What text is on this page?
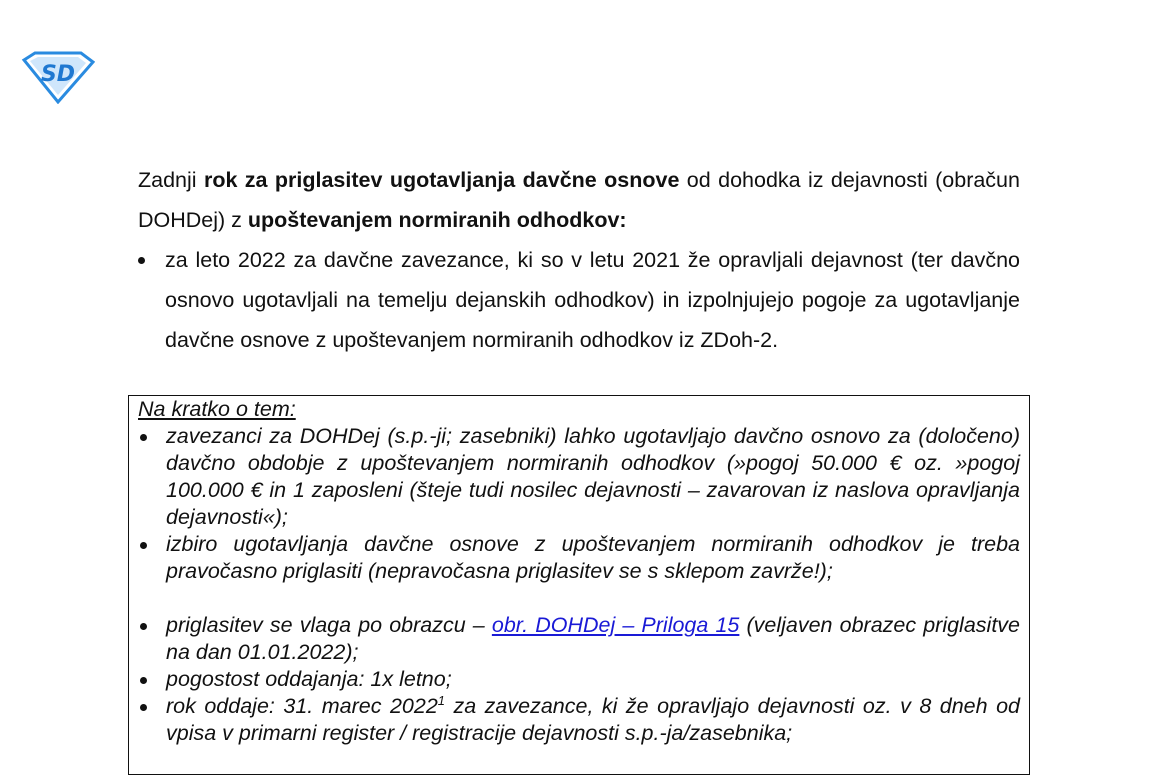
SD

Zadnji rok za priglasitev ugotavljanja davčne osnove od dohodka iz dejavnosti (obračun DOHDej) z upoštevanjem normiranih odhodkov:

za leto 2022 za davčne zavezance, ki so v letu 2021 že opravljali dejavnost (ter davčno osnovo ugotavljali na temelju dejanskih odhodkov) in izpolnjujejo pogoje za ugotavljanje davčne osnove z upoštevanjem normiranih odhodkov iz ZDoh-2.
Na kratko o tem:
zavezanci za DOHDej (s.p.-ji; zasebniki) lahko ugotavljajo davčno osnovo za (določeno) davčno obdobje z upoštevanjem normiranih odhodkov (»pogoj 50.000 € oz. »pogoj 100.000 € in 1 zaposleni (šteje tudi nosilec dejavnosti – zavarovan iz naslova opravljanja dejavnosti«);
izbiro ugotavljanja davčne osnove z upoštevanjem normiranih odhodkov je treba pravočasno priglasiti (nepravočasna priglasitev se s sklepom zavrže!);
priglasitev se vlaga po obrazcu – obr. DOHDej – Priloga 15 (veljaven obrazec priglasitve na dan 01.01.2022);
pogostost oddajanja: 1x letno;
rok oddaje: 31. marec 2022$^1$ za zavezance, ki že opravljajo dejavnosti oz. v 8 dneh od vpisa v primarni register / registracije dejavnosti s.p.-ja/zasebnika;
